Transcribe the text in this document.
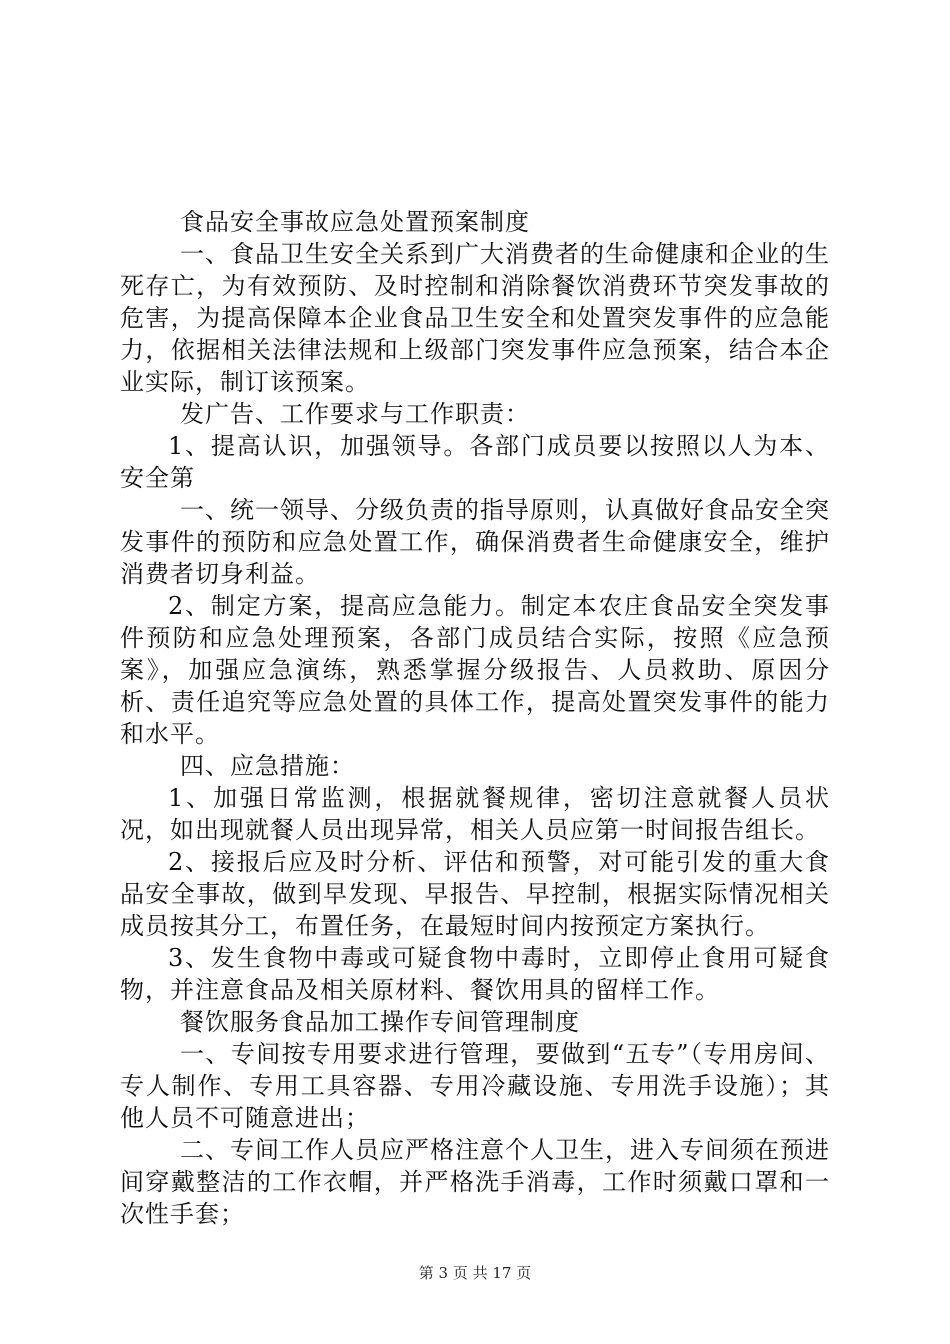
食品安全事故应急处置预案制度

一、食品卫生安全关系到广大消费者的生命健康和企业的生死存亡，为有效预防、及时控制和消除餐饮消费环节突发事故的危害，为提高保障本企业食品卫生安全和处置突发事件的应急能力，依据相关法律法规和上级部门突发事件应急预案，结合本企业实际，制订该预案。

发广告、工作要求与工作职责：

1、提高认识，加强领导。各部门成员要以按照以人为本、安全第

一、统一领导、分级负责的指导原则，认真做好食品安全突发事件的预防和应急处置工作，确保消费者生命健康安全，维护消费者切身利益。

2、制定方案，提高应急能力。制定本农庄食品安全突发事件预防和应急处理预案，各部门成员结合实际，按照《应急预案》，加强应急演练，熟悉掌握分级报告、人员救助、原因分析、责任追究等应急处置的具体工作，提高处置突发事件的能力和水平。

四、应急措施：

1、加强日常监测，根据就餐规律，密切注意就餐人员状况，如出现就餐人员出现异常，相关人员应第一时间报告组长。

2、接报后应及时分析、评估和预警，对可能引发的重大食品安全事故，做到早发现、早报告、早控制，根据实际情况相关成员按其分工，布置任务，在最短时间内按预定方案执行。

3、发生食物中毒或可疑食物中毒时，立即停止食用可疑食物，并注意食品及相关原材料、餐饮用具的留样工作。

餐饮服务食品加工操作专间管理制度

一、专间按专用要求进行管理，要做到“五专”（专用房间、专人制作、专用工具容器、专用冷藏设施、专用洗手设施）；其他人员不可随意进出；

二、专间工作人员应严格注意个人卫生，进入专间须在预进间穿戴整洁的工作衣帽，并严格洗手消毒，工作时须戴口罩和一次性手套；

第 3 页 共 17 页
